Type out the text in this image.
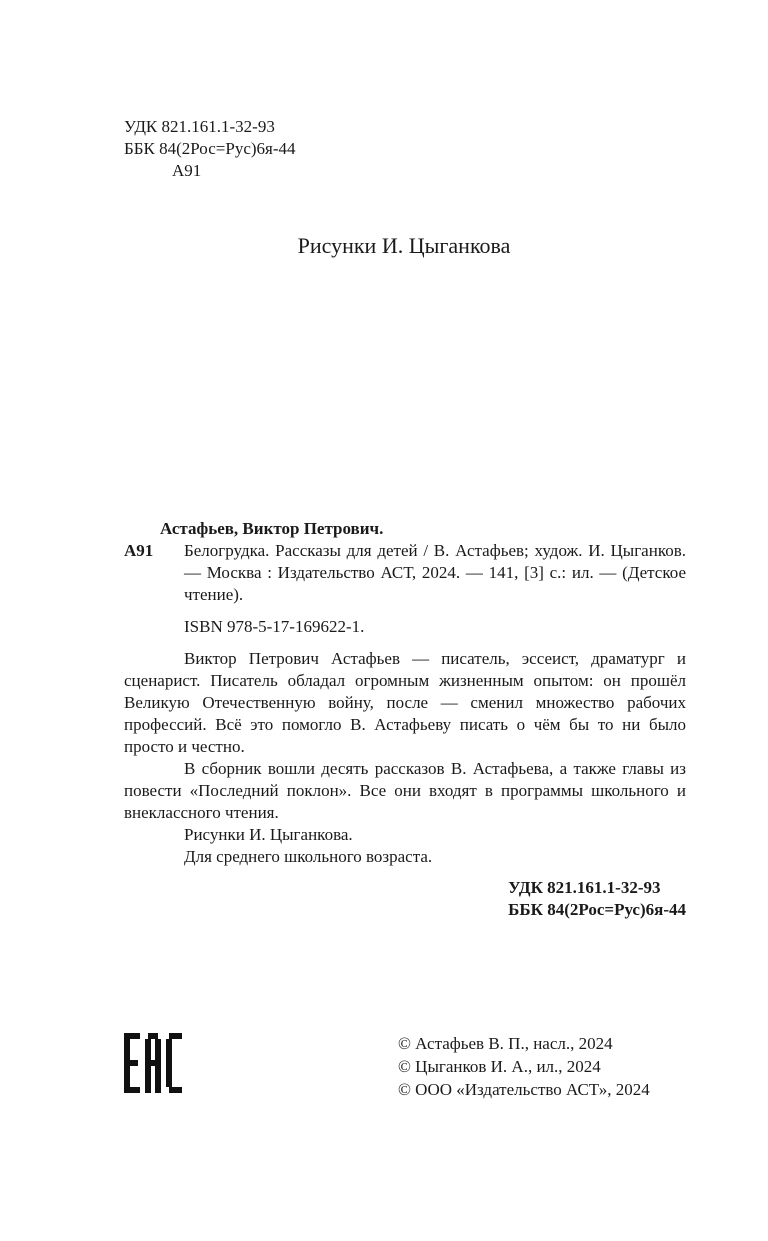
УДК 821.161.1-32-93
ББК 84(2Рос=Рус)6я-44
А91
Рисунки И. Цыганкова
Астафьев, Виктор Петрович.
А91	Белогрудка. Рассказы для детей / В. Астафьев; худож. И. Цыганков. — Москва : Издательство АСТ, 2024. — 141, [3] с.: ил. — (Детское чтение).
ISBN 978-5-17-169622-1.

Виктор Петрович Астафьев — писатель, эссеист, драматург и сценарист. Писатель обладал огромным жизненным опытом: он прошёл Великую Отечественную войну, после — сменил множество рабочих профессий. Всё это помогло В. Астафьеву писать о чём бы то ни было просто и честно.

В сборник вошли десять рассказов В. Астафьева, а также главы из повести «Последний поклон». Все они входят в программы школьного и внеклассного чтения.

Рисунки И. Цыганкова.

Для среднего школьного возраста.

УДК 821.161.1-32-93
ББК 84(2Рос=Рус)6я-44
© Астафьев В. П., насл., 2024
© Цыганков И. А., ил., 2024
© ООО «Издательство АСТ», 2024
